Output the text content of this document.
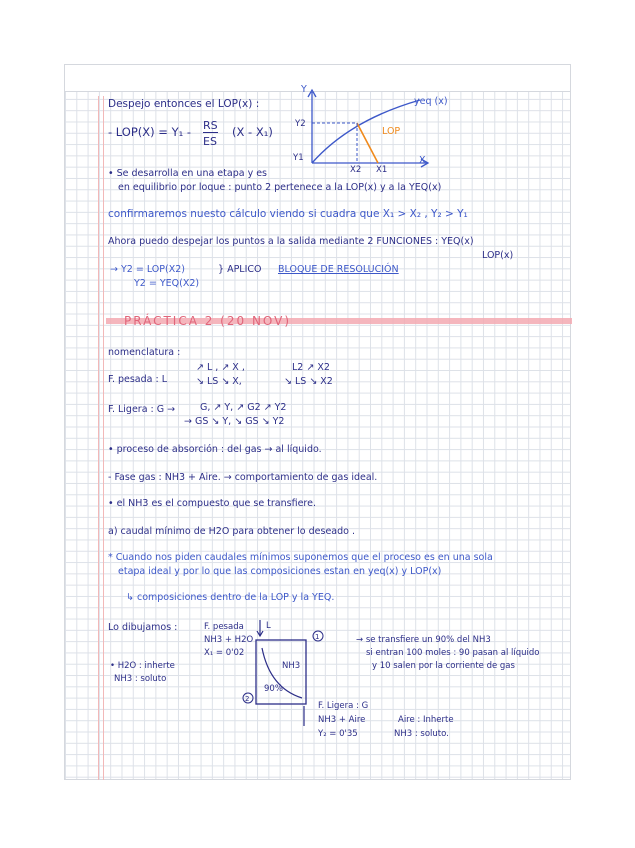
Y
X
yeq (x)
LOP
Y2
Y1
X2 X1
Despejo entonces el LOP(x) :
- LOP(X) = Y₁ - RS
ES
(X - X₁)
• Se desarrolla en una etapa y es
en equilibrio por loque : punto 2 pertenece a la LOP(x) y a la YEQ(x)
confirmaremos nuesto cálculo viendo si cuadra que X₁ > X₂ , Y₂ > Y₁
Ahora puedo despejar los puntos a la salida mediante 2 FUNCIONES : YEQ(x)
LOP(x)
→ Y2 = LOP(X2)
Y2 = YEQ(X2)
} APLICO BLOQUE DE RESOLUCIÓN
PRÁCTICA 2 (20 NOV)
nomenclatura :
F. pesada : L
↗ L , ↗ X ,
↘ LS ↘ X,
L2 ↗ X2
↘ LS ↘ X2
F. Ligera : G →	G, ↗ Y, ↗ G2 ↗ Y2
→ GS ↘ Y, ↘ GS ↘ Y2
• proceso de absorción : del gas → al líquido.
- Fase gas : NH3 + Aire. → comportamiento de gas ideal.
• el NH3 es el compuesto que se transfiere.
a) caudal mínimo de H2O para obtener lo deseado .
* Cuando nos piden caudales mínimos suponemos que el proceso es en una sola
etapa ideal y por lo que las composiciones estan en yeq(x) y LOP(x)
↳ composiciones dentro de la LOP y la YEQ.
Lo dibujamos :	F. pesada
NH3 + H2O
X₁ = 0'02
• H2O : inherte
NH3 : soluto
L
1
2
NH3
90%
→ se transfiere un 90% del NH3
si entran 100 moles : 90 pasan al líquido
y 10 salen por la corriente de gas
F. Ligera : G
NH3 + Aire
Y₂ = 0'35
Aire : Inherte
NH3 : soluto.
